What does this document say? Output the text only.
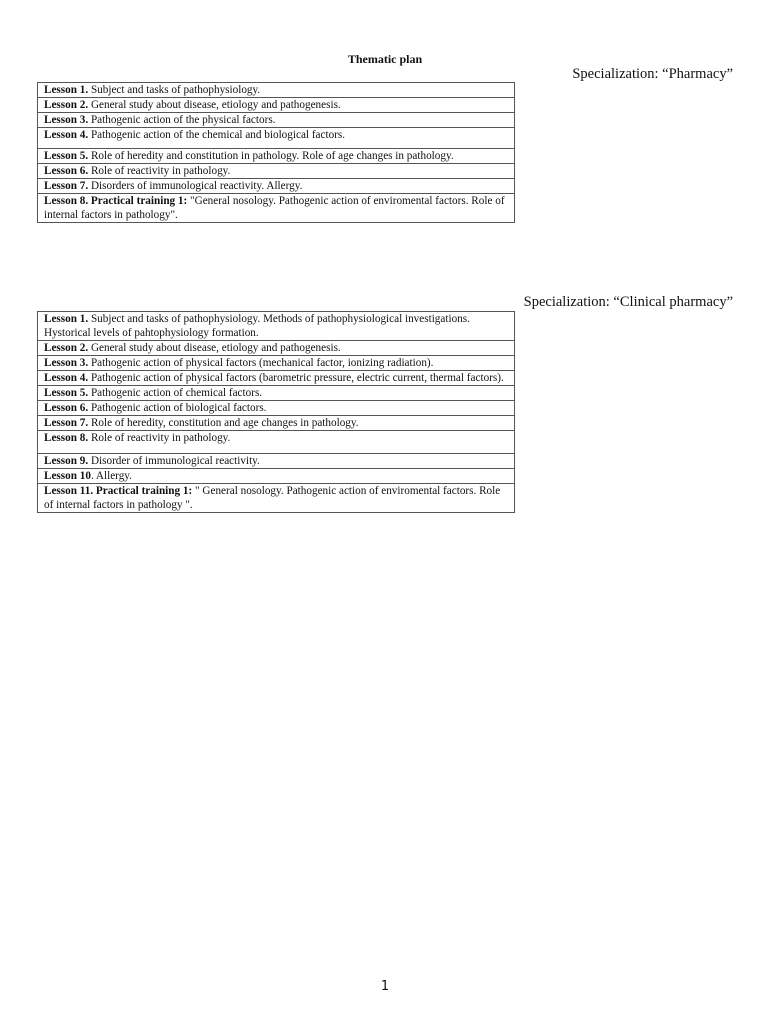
Thematic plan
Specialization: “Pharmacy”
Lesson 1. Subject and tasks of pathophysiology.
Lesson 2. General study about disease, etiology and pathogenesis.
Lesson 3. Pathogenic action of the physical factors.
Lesson 4. Pathogenic action of the chemical and biological factors.
Lesson 5. Role of heredity and constitution in pathology. Role of age changes in pathology.
Lesson 6. Role of reactivity in pathology.
Lesson 7. Disorders of immunological reactivity. Allergy.
Lesson 8. Practical training 1: "General nosology. Pathogenic action of enviromental factors. Role of internal factors in pathology".
Specialization: “Clinical pharmacy”
Lesson 1. Subject and tasks of pathophysiology. Methods of pathophysiological investigations. Hystorical levels of pahtophysiology formation.
Lesson 2. General study about disease, etiology and pathogenesis.
Lesson 3. Pathogenic action of physical factors (mechanical factor, ionizing radiation).
Lesson 4. Pathogenic action of physical factors (barometric pressure, electric current, thermal factors).
Lesson 5. Pathogenic action of chemical factors.
Lesson 6. Pathogenic action of biological factors.
Lesson 7. Role of heredity, constitution and age changes in pathology.
Lesson 8. Role of reactivity in pathology.
Lesson 9. Disorder of immunological reactivity.
Lesson 10. Allergy.
Lesson 11. Practical training 1: " General nosology. Pathogenic action of enviromental factors. Role of internal factors in pathology ".
1
